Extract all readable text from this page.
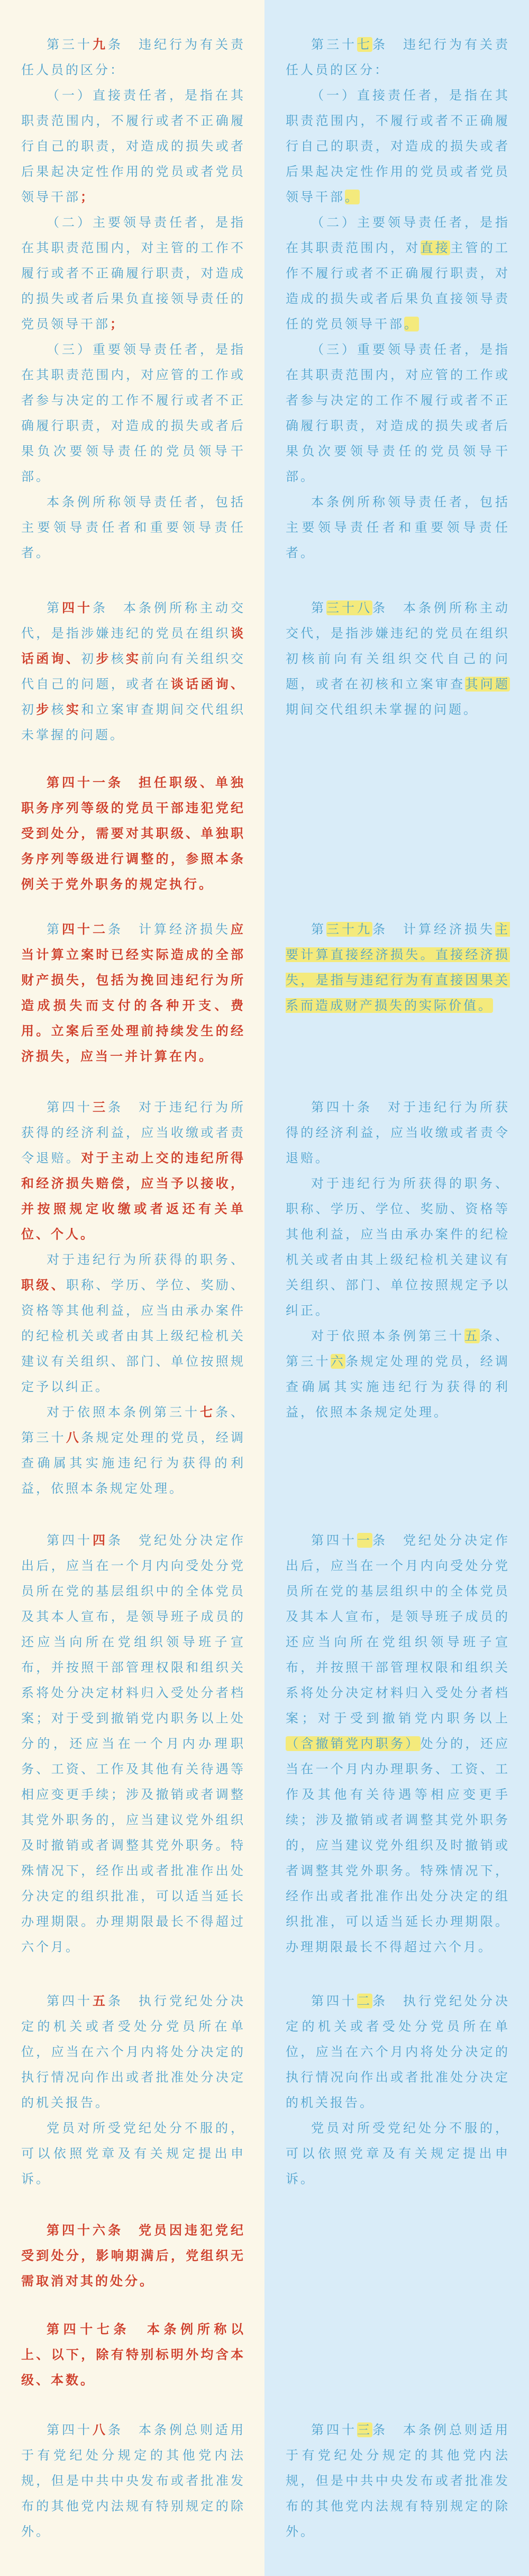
第三十九条　违纪行为有关责任人员的区分：

（一）直接责任者，是指在其职责范围内，不履行或者不正确履行自己的职责，对造成的损失或者后果起决定性作用的党员或者党员领导干部；

（二）主要领导责任者，是指在其职责范围内，对主管的工作不履行或者不正确履行职责，对造成的损失或者后果负直接领导责任的党员领导干部；

（三）重要领导责任者，是指在其职责范围内，对应管的工作或者参与决定的工作不履行或者不正确履行职责，对造成的损失或者后果负次要领导责任的党员领导干部。

本条例所称领导责任者，包括主要领导责任者和重要领导责任者。

第四十条　本条例所称主动交代，是指涉嫌违纪的党员在组织谈话函询、初步核实前向有关组织交代自己的问题，或者在谈话函询、初步核实和立案审查期间交代组织未掌握的问题。

第四十一条　担任职级、单独职务序列等级的党员干部违犯党纪受到处分，需要对其职级、单独职务序列等级进行调整的，参照本条例关于党外职务的规定执行。

第四十二条　计算经济损失应当计算立案时已经实际造成的全部财产损失，包括为挽回违纪行为所造成损失而支付的各种开支、费用。立案后至处理前持续发生的经济损失，应当一并计算在内。

第四十三条　对于违纪行为所获得的经济利益，应当收缴或者责令退赔。对于主动上交的违纪所得和经济损失赔偿，应当予以接收，并按照规定收缴或者返还有关单位、个人。

对于违纪行为所获得的职务、职级、职称、学历、学位、奖励、资格等其他利益，应当由承办案件的纪检机关或者由其上级纪检机关建议有关组织、部门、单位按照规定予以纠正。

对于依照本条例第三十七条、第三十八条规定处理的党员，经调查确属其实施违纪行为获得的利益，依照本条规定处理。

第四十四条　党纪处分决定作出后，应当在一个月内向受处分党员所在党的基层组织中的全体党员及其本人宣布，是领导班子成员的还应当向所在党组织领导班子宣布，并按照干部管理权限和组织关系将处分决定材料归入受处分者档案；对于受到撤销党内职务以上处分的，还应当在一个月内办理职务、工资、工作及其他有关待遇等相应变更手续；涉及撤销或者调整其党外职务的，应当建议党外组织及时撤销或者调整其党外职务。特殊情况下，经作出或者批准作出处分决定的组织批准，可以适当延长办理期限。办理期限最长不得超过六个月。

第四十五条　执行党纪处分决定的机关或者受处分党员所在单位，应当在六个月内将处分决定的执行情况向作出或者批准处分决定的机关报告。

党员对所受党纪处分不服的，可以依照党章及有关规定提出申诉。

第四十六条　党员因违犯党纪受到处分，影响期满后，党组织无需取消对其的处分。

第四十七条　本条例所称以上、以下，除有特别标明外均含本级、本数。

第四十八条　本条例总则适用于有党纪处分规定的其他党内法规，但是中共中央发布或者批准发布的其他党内法规有特别规定的除外。

第三十七条　违纪行为有关责任人员的区分：

（一）直接责任者，是指在其职责范围内，不履行或者不正确履行自己的职责，对造成的损失或者后果起决定性作用的党员或者党员领导干部。

（二）主要领导责任者，是指在其职责范围内，对直接主管的工作不履行或者不正确履行职责，对造成的损失或者后果负直接领导责任的党员领导干部。

（三）重要领导责任者，是指在其职责范围内，对应管的工作或者参与决定的工作不履行或者不正确履行职责，对造成的损失或者后果负次要领导责任的党员领导干部。

本条例所称领导责任者，包括主要领导责任者和重要领导责任者。

第三十八条　本条例所称主动交代，是指涉嫌违纪的党员在组织初核前向有关组织交代自己的问题，或者在初核和立案审查其问题期间交代组织未掌握的问题。

第三十九条　计算经济损失主要计算直接经济损失。直接经济损失，是指与违纪行为有直接因果关系而造成财产损失的实际价值。

第四十条　对于违纪行为所获得的经济利益，应当收缴或者责令退赔。

对于违纪行为所获得的职务、职称、学历、学位、奖励、资格等其他利益，应当由承办案件的纪检机关或者由其上级纪检机关建议有关组织、部门、单位按照规定予以纠正。

对于依照本条例第三十五条、第三十六条规定处理的党员，经调查确属其实施违纪行为获得的利益，依照本条规定处理。

第四十一条　党纪处分决定作出后，应当在一个月内向受处分党员所在党的基层组织中的全体党员及其本人宣布，是领导班子成员的还应当向所在党组织领导班子宣布，并按照干部管理权限和组织关系将处分决定材料归入受处分者档案；对于受到撤销党内职务以上（含撤销党内职务）处分的，还应当在一个月内办理职务、工资、工作及其他有关待遇等相应变更手续；涉及撤销或者调整其党外职务的，应当建议党外组织及时撤销或者调整其党外职务。特殊情况下，经作出或者批准作出处分决定的组织批准，可以适当延长办理期限。办理期限最长不得超过六个月。

第四十二条　执行党纪处分决定的机关或者受处分党员所在单位，应当在六个月内将处分决定的执行情况向作出或者批准处分决定的机关报告。

党员对所受党纪处分不服的，可以依照党章及有关规定提出申诉。

第四十三条　本条例总则适用于有党纪处分规定的其他党内法规，但是中共中央发布或者批准发布的其他党内法规有特别规定的除外。
